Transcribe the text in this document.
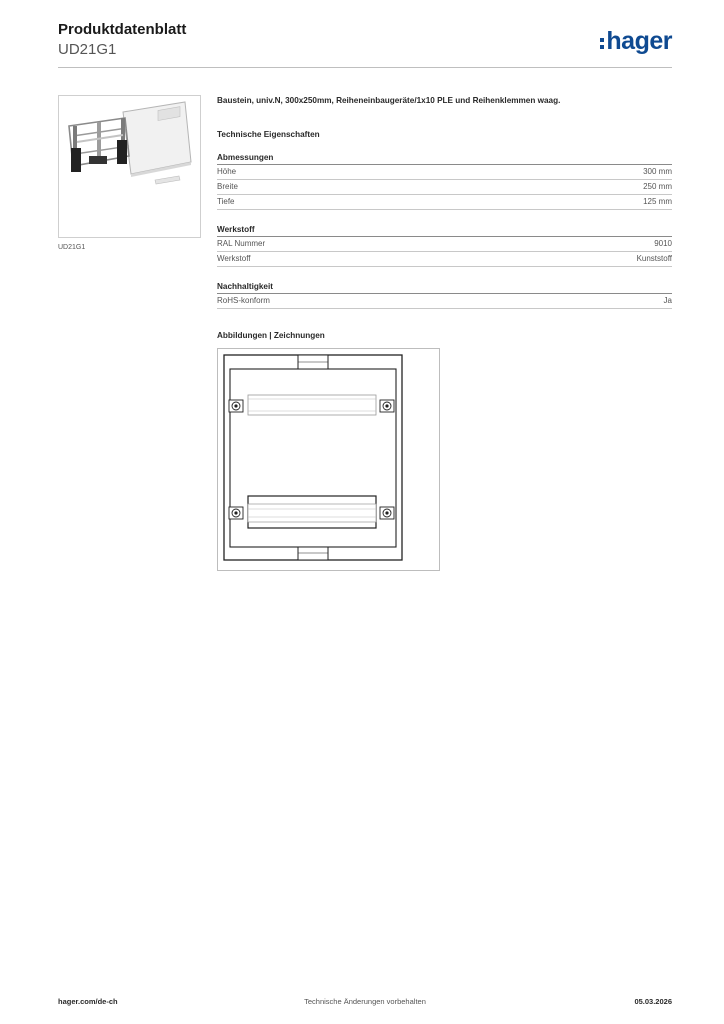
Produktdatenblatt
UD21G1	hager
UD21G1
Baustein, univ.N, 300x250mm, Reiheneinbaugeräte/1x10 PLE und Reihenklemmen waag.
Technische Eigenschaften
Abmessungen
Höhe	300 mm
Breite	250 mm
Tiefe	125 mm
Werkstoff
RAL Nummer	9010
Werkstoff	Kunststoff
Nachhaltigkeit
RoHS-konform	Ja
Abbildungen | Zeichnungen
hager.com/de-ch	Technische Änderungen vorbehalten	05.03.2026
